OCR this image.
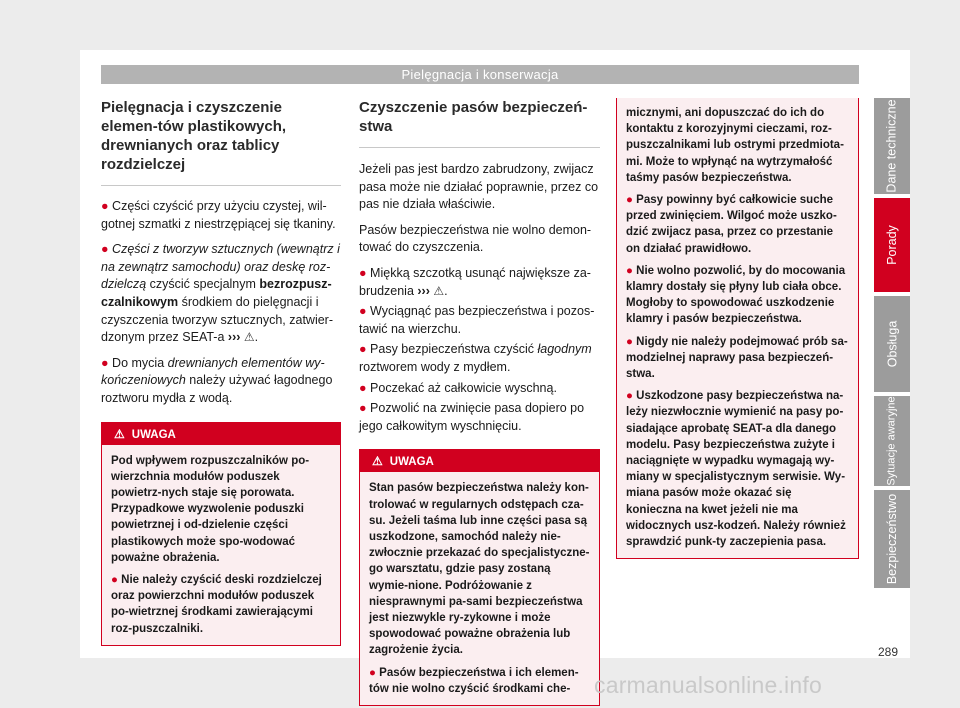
Pielęgnacja i konserwacja
Pielęgnacja i czyszczenie elemen-tów plastikowych, drewnianych oraz tablicy rozdzielczej

● Części czyścić przy użyciu czystej, wil-gotnej szmatki z niestrzępiącej się tkaniny.

● Części z tworzyw sztucznych (wewnątrz i na zewnątrz samochodu) oraz deskę roz-dzielczą czyścić specjalnym bezrozpusz-czalnikowym środkiem do pielęgnacji i czyszczenia tworzyw sztucznych, zatwier-dzonym przez SEAT-a ››› ⚠.

● Do mycia drewnianych elementów wy-kończeniowych należy używać łagodnego roztworu mydła z wodą.

⚠ UWAGA

Pod wpływem rozpuszczalników po-wierzchnia modułów poduszek powietrz-nych staje się porowata. Przypadkowe wyzwolenie poduszki powietrznej i od-dzielenie części plastikowych może spo-wodować poważne obrażenia.

● Nie należy czyścić deski rozdzielczej oraz powierzchni modułów poduszek po-wietrznej środkami zawierającymi roz-puszczalniki.

Czyszczenie pasów bezpieczeń-stwa

Jeżeli pas jest bardzo zabrudzony, zwijacz pasa może nie działać poprawnie, przez co pas nie działa właściwie.

Pasów bezpieczeństwa nie wolno demon-tować do czyszczenia.

● Miękką szczotką usunąć największe za-brudzenia ››› ⚠.

● Wyciągnąć pas bezpieczeństwa i pozos-tawić na wierzchu.

● Pasy bezpieczeństwa czyścić łagodnym roztworem wody z mydłem.

● Poczekać aż całkowicie wyschną.

● Pozwolić na zwinięcie pasa dopiero po jego całkowitym wyschnięciu.

⚠ UWAGA

Stan pasów bezpieczeństwa należy kon-trolować w regularnych odstępach cza-su. Jeżeli taśma lub inne części pasa są uszkodzone, samochód należy nie-zwłocznie przekazać do specjalistyczne-go warsztatu, gdzie pasy zostaną wymie-nione. Podróżowanie z niesprawnymi pa-sami bezpieczeństwa jest niezwykle ry-zykowne i może spowodować poważne obrażenia lub zagrożenie życia.

● Pasów bezpieczeństwa i ich elemen-tów nie wolno czyścić środkami che-

micznymi, ani dopuszczać do ich do kontaktu z korozyjnymi cieczami, roz-puszczalnikami lub ostrymi przedmiota-mi. Może to wpłynąć na wytrzymałość taśmy pasów bezpieczeństwa.

● Pasy powinny być całkowicie suche przed zwinięciem. Wilgoć może uszko-dzić zwijacz pasa, przez co przestanie on działać prawidłowo.

● Nie wolno pozwolić, by do mocowania klamry dostały się płyny lub ciała obce. Mogłoby to spowodować uszkodzenie klamry i pasów bezpieczeństwa.

● Nigdy nie należy podejmować prób sa-modzielnej naprawy pasa bezpieczeń-stwa.

● Uszkodzone pasy bezpieczeństwa na-leży niezwłocznie wymienić na pasy po-siadające aprobatę SEAT-a dla danego modelu. Pasy bezpieczeństwa zużyte i naciągnięte w wypadku wymagają wy-miany w specjalistycznym serwisie. Wy-miana pasów może okazać się konieczna na kwet jeżeli nie ma widocznych usz-kodzeń. Należy również sprawdzić punk-ty zaczepienia pasa.

Dane techniczne
Porady
Obsługa
Sytuacje awaryjne
Bezpieczeństwo
289
carmanualsonline.info
